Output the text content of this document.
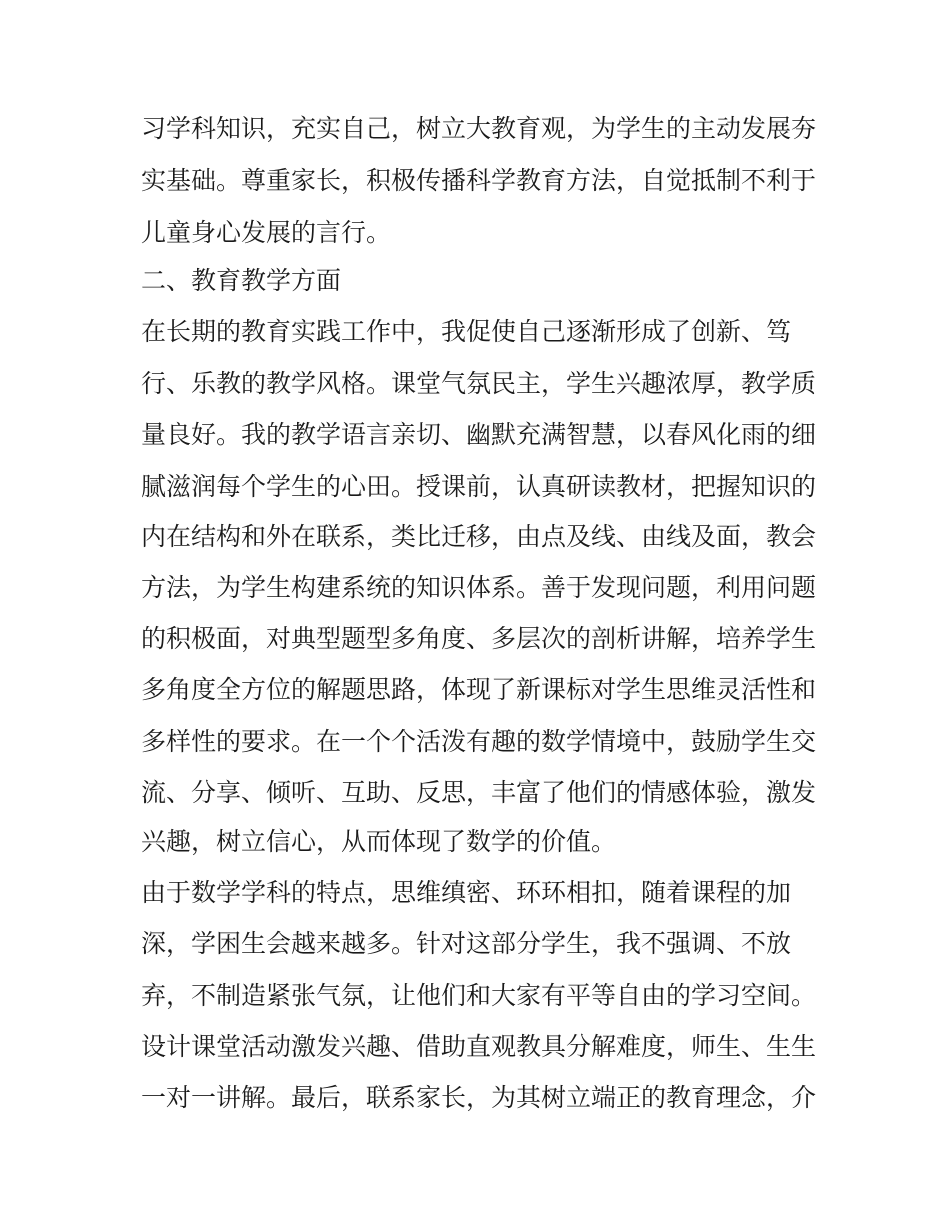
习学科知识，充实自己，树立大教育观，为学生的主动发展夯

实基础。尊重家长，积极传播科学教育方法，自觉抵制不利于

儿童身心发展的言行。

二、教育教学方面

在长期的教育实践工作中，我促使自己逐渐形成了创新、笃

行、乐教的教学风格。课堂气氛民主，学生兴趣浓厚，教学质

量良好。我的教学语言亲切、幽默充满智慧，以春风化雨的细

腻滋润每个学生的心田。授课前，认真研读教材，把握知识的

内在结构和外在联系，类比迁移，由点及线、由线及面，教会

方法，为学生构建系统的知识体系。善于发现问题，利用问题

的积极面，对典型题型多角度、多层次的剖析讲解，培养学生

多角度全方位的解题思路，体现了新课标对学生思维灵活性和

多样性的要求。在一个个活泼有趣的数学情境中，鼓励学生交

流、分享、倾听、互助、反思，丰富了他们的情感体验，激发

兴趣，树立信心，从而体现了数学的价值。

由于数学学科的特点，思维缜密、环环相扣，随着课程的加

深，学困生会越来越多。针对这部分学生，我不强调、不放

弃，不制造紧张气氛，让他们和大家有平等自由的学习空间。

设计课堂活动激发兴趣、借助直观教具分解难度，师生、生生

一对一讲解。最后，联系家长，为其树立端正的教育理念，介
